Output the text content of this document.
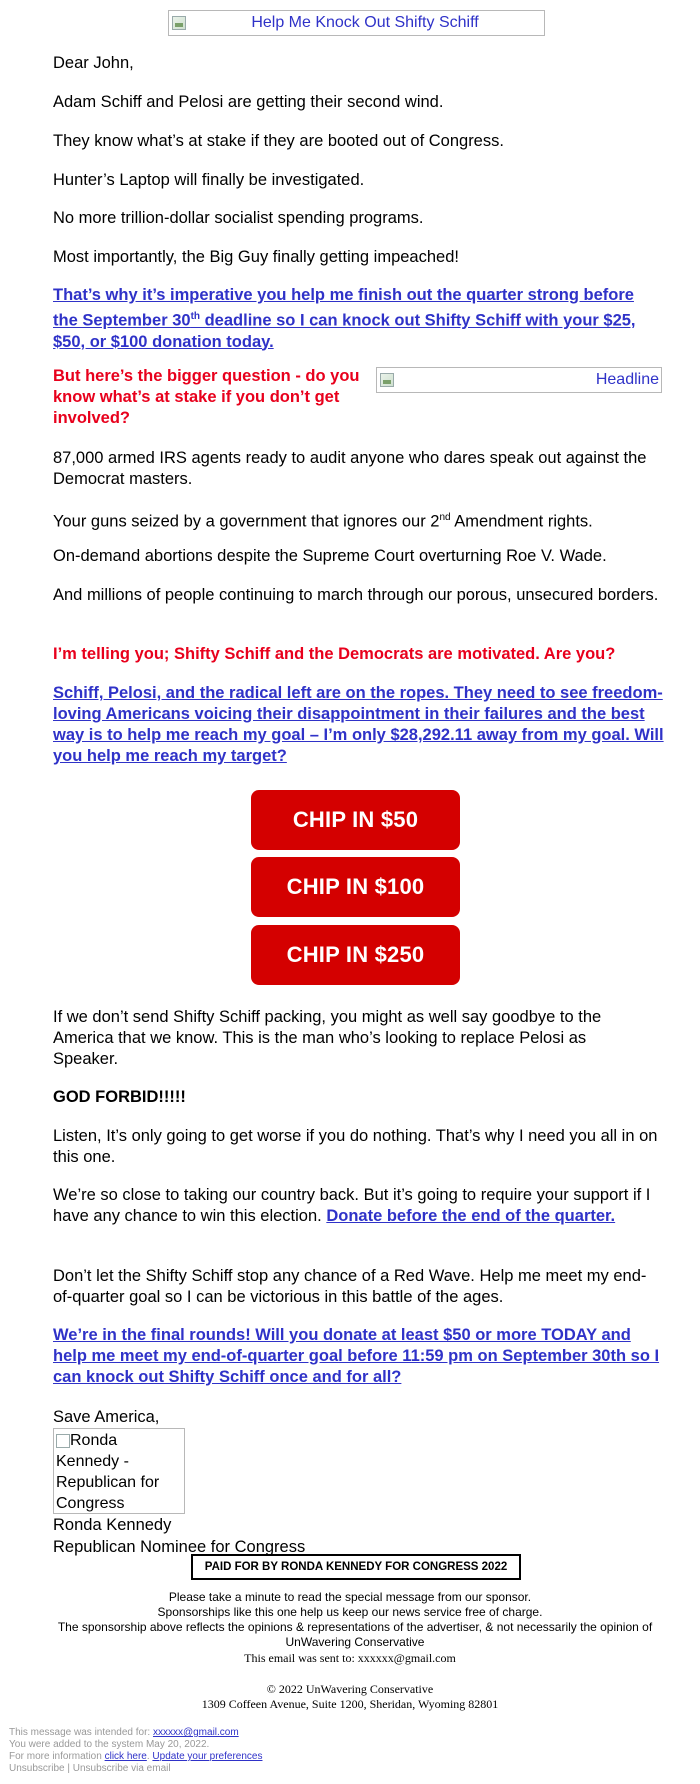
Help Me Knock Out Shifty Schiff

Dear John,

Adam Schiff and Pelosi are getting their second wind.

They know what’s at stake if they are booted out of Congress.

Hunter’s Laptop will finally be investigated.

No more trillion-dollar socialist spending programs.

Most importantly, the Big Guy finally getting impeached!

That’s why it’s imperative you help me finish out the quarter strong before the September 30th deadline so I can knock out Shifty Schiff with your $25, $50, or $100 donation today.

But here’s the bigger question - do you know what’s at stake if you don’t get involved?

Headline

87,000 armed IRS agents ready to audit anyone who dares speak out against the Democrat masters.

Your guns seized by a government that ignores our 2nd Amendment rights.

On-demand abortions despite the Supreme Court overturning Roe V. Wade.

And millions of people continuing to march through our porous, unsecured borders.

I’m telling you; Shifty Schiff and the Democrats are motivated. Are you?

Schiff, Pelosi, and the radical left are on the ropes. They need to see freedom-loving Americans voicing their disappointment in their failures and the best way is to help me reach my goal – I’m only $28,292.11 away from my goal. Will you help me reach my target?

CHIP IN $50
CHIP IN $100
CHIP IN $250

If we don’t send Shifty Schiff packing, you might as well say goodbye to the America that we know. This is the man who’s looking to replace Pelosi as Speaker.

GOD FORBID!!!!!

Listen, It’s only going to get worse if you do nothing. That’s why I need you all in on this one.

We’re so close to taking our country back. But it’s going to require your support if I have any chance to win this election. Donate before the end of the quarter.

Don’t let the Shifty Schiff stop any chance of a Red Wave. Help me meet my end-of-quarter goal so I can be victorious in this battle of the ages.

We’re in the final rounds! Will you donate at least $50 or more TODAY and help me meet my end-of-quarter goal before 11:59 pm on September 30th so I can knock out Shifty Schiff once and for all?

Save America,

Ronda Kennedy - Republican for Congress

Ronda Kennedy

Republican Nominee for Congress

PAID FOR BY RONDA KENNEDY FOR CONGRESS 2022
Please take a minute to read the special message from our sponsor.
Sponsorships like this one help us keep our news service free of charge.
The sponsorship above reflects the opinions & representations of the advertiser, & not necessarily the opinion of UnWavering Conservative
This email was sent to: xxxxxx@gmail.com
© 2022 UnWavering Conservative
1309 Coffeen Avenue, Suite 1200, Sheridan, Wyoming 82801
This message was intended for: xxxxxx@gmail.com
You were added to the system May 20, 2022.
For more information click here. Update your preferences
Unsubscribe | Unsubscribe via email
